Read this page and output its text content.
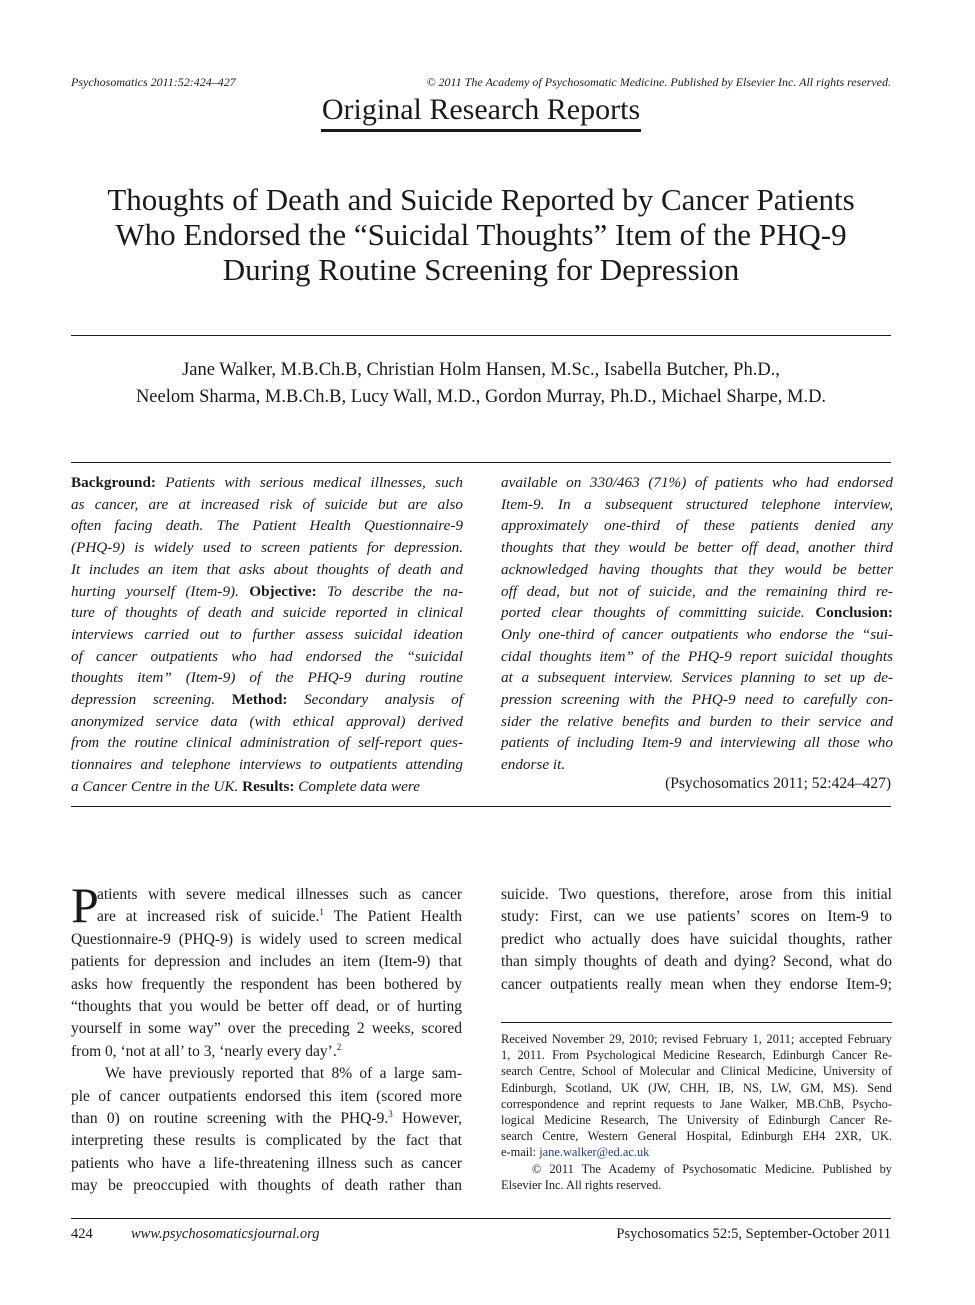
Psychosomatics 2011:52:424–427	© 2011 The Academy of Psychosomatic Medicine. Published by Elsevier Inc. All rights reserved.
Original Research Reports
Thoughts of Death and Suicide Reported by Cancer Patients
Who Endorsed the “Suicidal Thoughts” Item of the PHQ-9
During Routine Screening for Depression
Jane Walker, M.B.Ch.B, Christian Holm Hansen, M.Sc., Isabella Butcher, Ph.D.,
Neelom Sharma, M.B.Ch.B, Lucy Wall, M.D., Gordon Murray, Ph.D., Michael Sharpe, M.D.
Background: Patients with serious medical illnesses, such
as cancer, are at increased risk of suicide but are also
often facing death. The Patient Health Questionnaire-9
(PHQ-9) is widely used to screen patients for depression.
It includes an item that asks about thoughts of death and
hurting yourself (Item-9). Objective: To describe the na-
ture of thoughts of death and suicide reported in clinical
interviews carried out to further assess suicidal ideation
of cancer outpatients who had endorsed the “suicidal
thoughts item” (Item-9) of the PHQ-9 during routine
depression screening. Method: Secondary analysis of
anonymized service data (with ethical approval) derived
from the routine clinical administration of self-report ques-
tionnaires and telephone interviews to outpatients attending
a Cancer Centre in the UK. Results: Complete data were
available on 330/463 (71%) of patients who had endorsed
Item-9. In a subsequent structured telephone interview,
approximately one-third of these patients denied any
thoughts that they would be better off dead, another third
acknowledged having thoughts that they would be better
off dead, but not of suicide, and the remaining third re-
ported clear thoughts of committing suicide. Conclusion:
Only one-third of cancer outpatients who endorse the “sui-
cidal thoughts item” of the PHQ-9 report suicidal thoughts
at a subsequent interview. Services planning to set up de-
pression screening with the PHQ-9 need to carefully con-
sider the relative benefits and burden to their service and
patients of including Item-9 and interviewing all those who
endorse it.
(Psychosomatics 2011; 52:424–427)
P
atients with severe medical illnesses such as cancer
are at increased risk of suicide.$^1$ The Patient Health
Questionnaire-9 (PHQ-9) is widely used to screen medical
patients for depression and includes an item (Item-9) that
asks how frequently the respondent has been bothered by
“thoughts that you would be better off dead, or of hurting
yourself in some way” over the preceding 2 weeks, scored
from 0, ‘not at all’ to 3, ‘nearly every day’.$^2$
We have previously reported that 8% of a large sam-
ple of cancer outpatients endorsed this item (scored more
than 0) on routine screening with the PHQ-9.$^3$ However,
interpreting these results is complicated by the fact that
patients who have a life-threatening illness such as cancer
may be preoccupied with thoughts of death rather than
suicide. Two questions, therefore, arose from this initial
study: First, can we use patients’ scores on Item-9 to
predict who actually does have suicidal thoughts, rather
than simply thoughts of death and dying? Second, what do
cancer outpatients really mean when they endorse Item-9;
Received November 29, 2010; revised February 1, 2011; accepted February
1, 2011. From Psychological Medicine Research, Edinburgh Cancer Re-
search Centre, School of Molecular and Clinical Medicine, University of
Edinburgh, Scotland, UK (JW, CHH, IB, NS, LW, GM, MS). Send
correspondence and reprint requests to Jane Walker, MB.ChB, Psycho-
logical Medicine Research, The University of Edinburgh Cancer Re-
search Centre, Western General Hospital, Edinburgh EH4 2XR, UK.
e-mail: jane.walker@ed.ac.uk
© 2011 The Academy of Psychosomatic Medicine. Published by
Elsevier Inc. All rights reserved.
424	www.psychosomaticsjournal.org	Psychosomatics 52:5, September-October 2011
